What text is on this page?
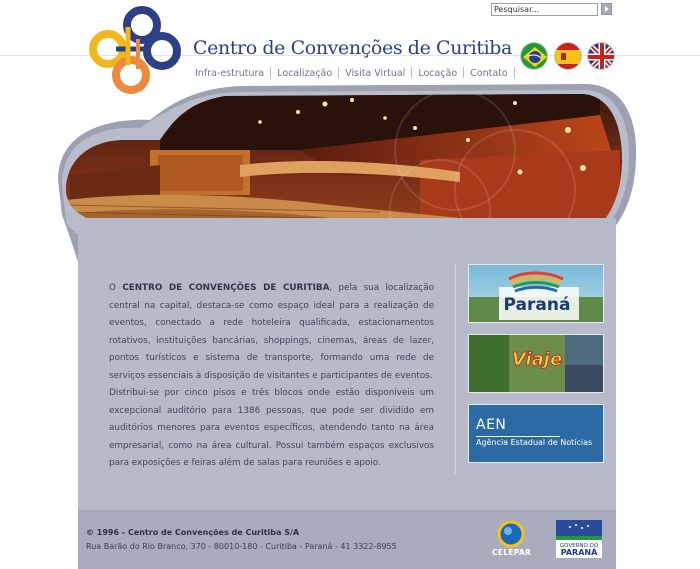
Centro de Convenções de Curitiba
Infra-estrutura Localização Visita Virtual Locação Contato
Pesquisar...

O CENTRO DE CONVENÇÕES DE CURITIBA, pela sua localização central na capital, destaca-se como espaço ideal para a realização de eventos, conectado a rede hoteleira qualificada, estacionamentos rotativos, instituições bancárias, shoppings, cinemas, áreas de lazer, pontos turísticos e sistema de transporte, formando uma rede de serviços essenciais à disposição de visitantes e participantes de eventos.

Distribui-se por cinco pisos e três blocos onde estão disponíveis um excepcional auditório para 1386 pessoas, que pode ser dividido em auditórios menores para eventos específicos, atendendo tanto na área empresarial, como na área cultural. Possui também espaços exclusivos para exposições e feiras além de salas para reuniões e apoio.

Paraná
Viaje
AEN
Agência Estadual de Notícias
© 1996 - Centro de Convenções de Curitiba S/A
Rua Barão do Rio Branco, 370 - 80010-180 - Curitiba - Paraná - 41 3322-8955
CELEPAR
GOVERNO DO
PARANÁ
